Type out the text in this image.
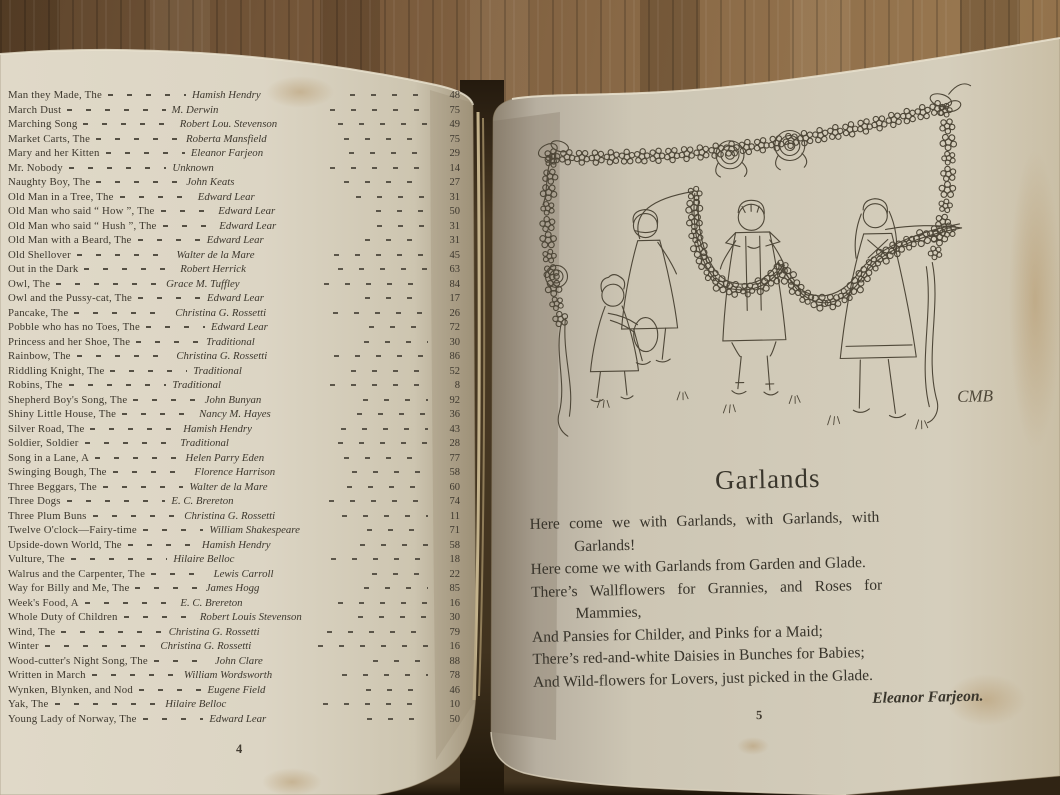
Man they Made, The	Hamish Hendry	48
March Dust	M. Derwin	75
Marching Song	Robert Lou. Stevenson	49
Market Carts, The	Roberta Mansfield	75
Mary and her Kitten	Eleanor Farjeon	29
Mr. Nobody	Unknown	14
Naughty Boy, The	John Keats	27
Old Man in a Tree, The	Edward Lear	31
Old Man who said “ How ”, The	Edward Lear	50
Old Man who said “ Hush ”, The	Edward Lear	31
Old Man with a Beard, The	Edward Lear	31
Old Shellover	Walter de la Mare	45
Out in the Dark	Robert Herrick	63
Owl, The	Grace M. Tuffley	84
Owl and the Pussy-cat, The	Edward Lear	17
Pancake, The	Christina G. Rossetti	26
Pobble who has no Toes, The	Edward Lear	72
Princess and her Shoe, The	Traditional	30
Rainbow, The	Christina G. Rossetti	86
Riddling Knight, The	Traditional	52
Robins, The	Traditional	8
Shepherd Boy's Song, The	John Bunyan	92
Shiny Little House, The	Nancy M. Hayes	36
Silver Road, The	Hamish Hendry	43
Soldier, Soldier	Traditional	28
Song in a Lane, A	Helen Parry Eden	77
Swinging Bough, The	Florence Harrison	58
Three Beggars, The	Walter de la Mare	60
Three Dogs	E. C. Brereton	74
Three Plum Buns	Christina G. Rossetti	11
Twelve O'clock—Fairy-time	William Shakespeare	71
Upside-down World, The	Hamish Hendry	58
Vulture, The	Hilaire Belloc	18
Walrus and the Carpenter, The	Lewis Carroll	22
Way for Billy and Me, The	James Hogg	85
Week's Food, A	E. C. Brereton	16
Whole Duty of Children	Robert Louis Stevenson	30
Wind, The	Christina G. Rossetti	79
Winter	Christina G. Rossetti	16
Wood-cutter's Night Song, The	John Clare	88
Written in March	William Wordsworth	78
Wynken, Blynken, and Nod	Eugene Field	46
Yak, The	Hilaire Belloc	10
Young Lady of Norway, The	Edward Lear	50
4
CMB
Garlands
Here come we with Garlands, with Garlands, with
Garlands!
Here come we with Garlands from Garden and Glade.
There’s Wallflowers for Grannies, and Roses for
Mammies,
And Pansies for Childer, and Pinks for a Maid;
There’s red-and-white Daisies in Bunches for Babies;
And Wild-flowers for Lovers, just picked in the Glade.
Eleanor Farjeon.
5
